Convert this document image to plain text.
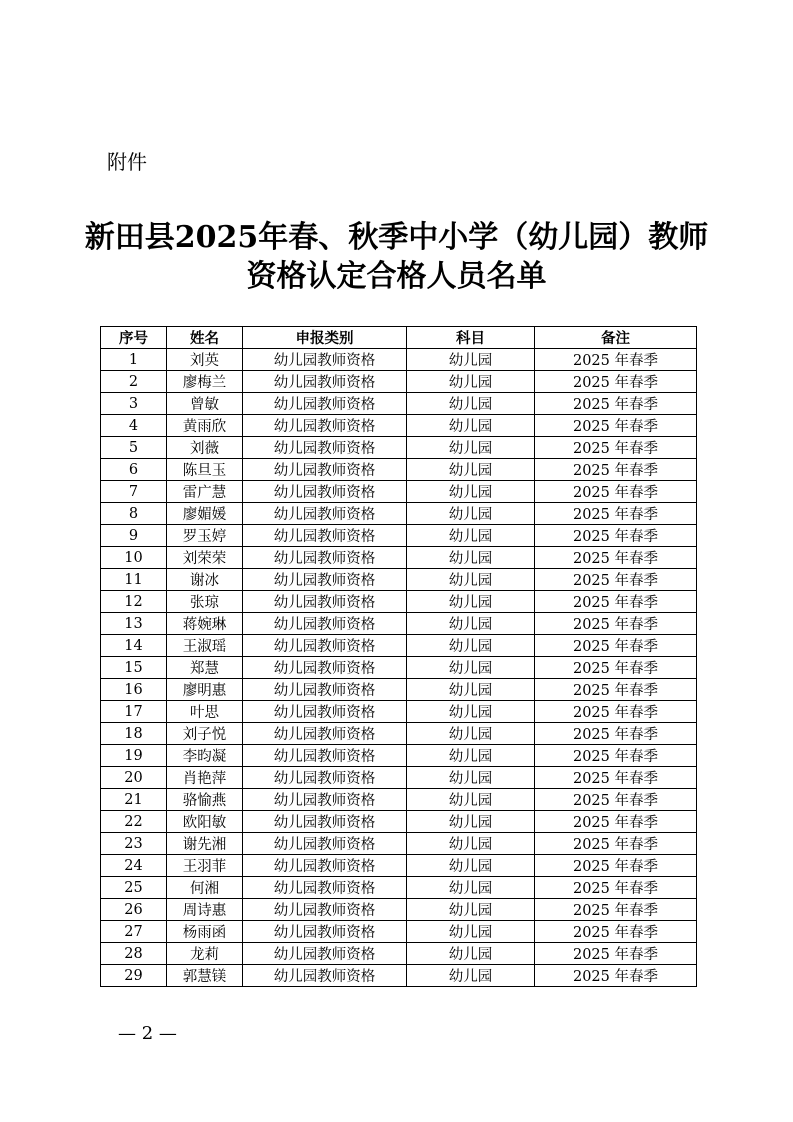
附件
新田县2025年春、秋季中小学（幼儿园）教师
资格认定合格人员名单
序号	姓名	申报类别	科目	备注
1	刘英	幼儿园教师资格	幼儿园	2025 年春季
2	廖梅兰	幼儿园教师资格	幼儿园	2025 年春季
3	曾敏	幼儿园教师资格	幼儿园	2025 年春季
4	黄雨欣	幼儿园教师资格	幼儿园	2025 年春季
5	刘薇	幼儿园教师资格	幼儿园	2025 年春季
6	陈旦玉	幼儿园教师资格	幼儿园	2025 年春季
7	雷广慧	幼儿园教师资格	幼儿园	2025 年春季
8	廖媚媛	幼儿园教师资格	幼儿园	2025 年春季
9	罗玉婷	幼儿园教师资格	幼儿园	2025 年春季
10	刘荣荣	幼儿园教师资格	幼儿园	2025 年春季
11	谢冰	幼儿园教师资格	幼儿园	2025 年春季
12	张琼	幼儿园教师资格	幼儿园	2025 年春季
13	蒋婉琳	幼儿园教师资格	幼儿园	2025 年春季
14	王淑瑶	幼儿园教师资格	幼儿园	2025 年春季
15	郑慧	幼儿园教师资格	幼儿园	2025 年春季
16	廖明惠	幼儿园教师资格	幼儿园	2025 年春季
17	叶思	幼儿园教师资格	幼儿园	2025 年春季
18	刘子悦	幼儿园教师资格	幼儿园	2025 年春季
19	李昀凝	幼儿园教师资格	幼儿园	2025 年春季
20	肖艳萍	幼儿园教师资格	幼儿园	2025 年春季
21	骆愉燕	幼儿园教师资格	幼儿园	2025 年春季
22	欧阳敏	幼儿园教师资格	幼儿园	2025 年春季
23	谢先湘	幼儿园教师资格	幼儿园	2025 年春季
24	王羽菲	幼儿园教师资格	幼儿园	2025 年春季
25	何湘	幼儿园教师资格	幼儿园	2025 年春季
26	周诗惠	幼儿园教师资格	幼儿园	2025 年春季
27	杨雨函	幼儿园教师资格	幼儿园	2025 年春季
28	龙莉	幼儿园教师资格	幼儿园	2025 年春季
29	郭慧镁	幼儿园教师资格	幼儿园	2025 年春季
— 2 —
